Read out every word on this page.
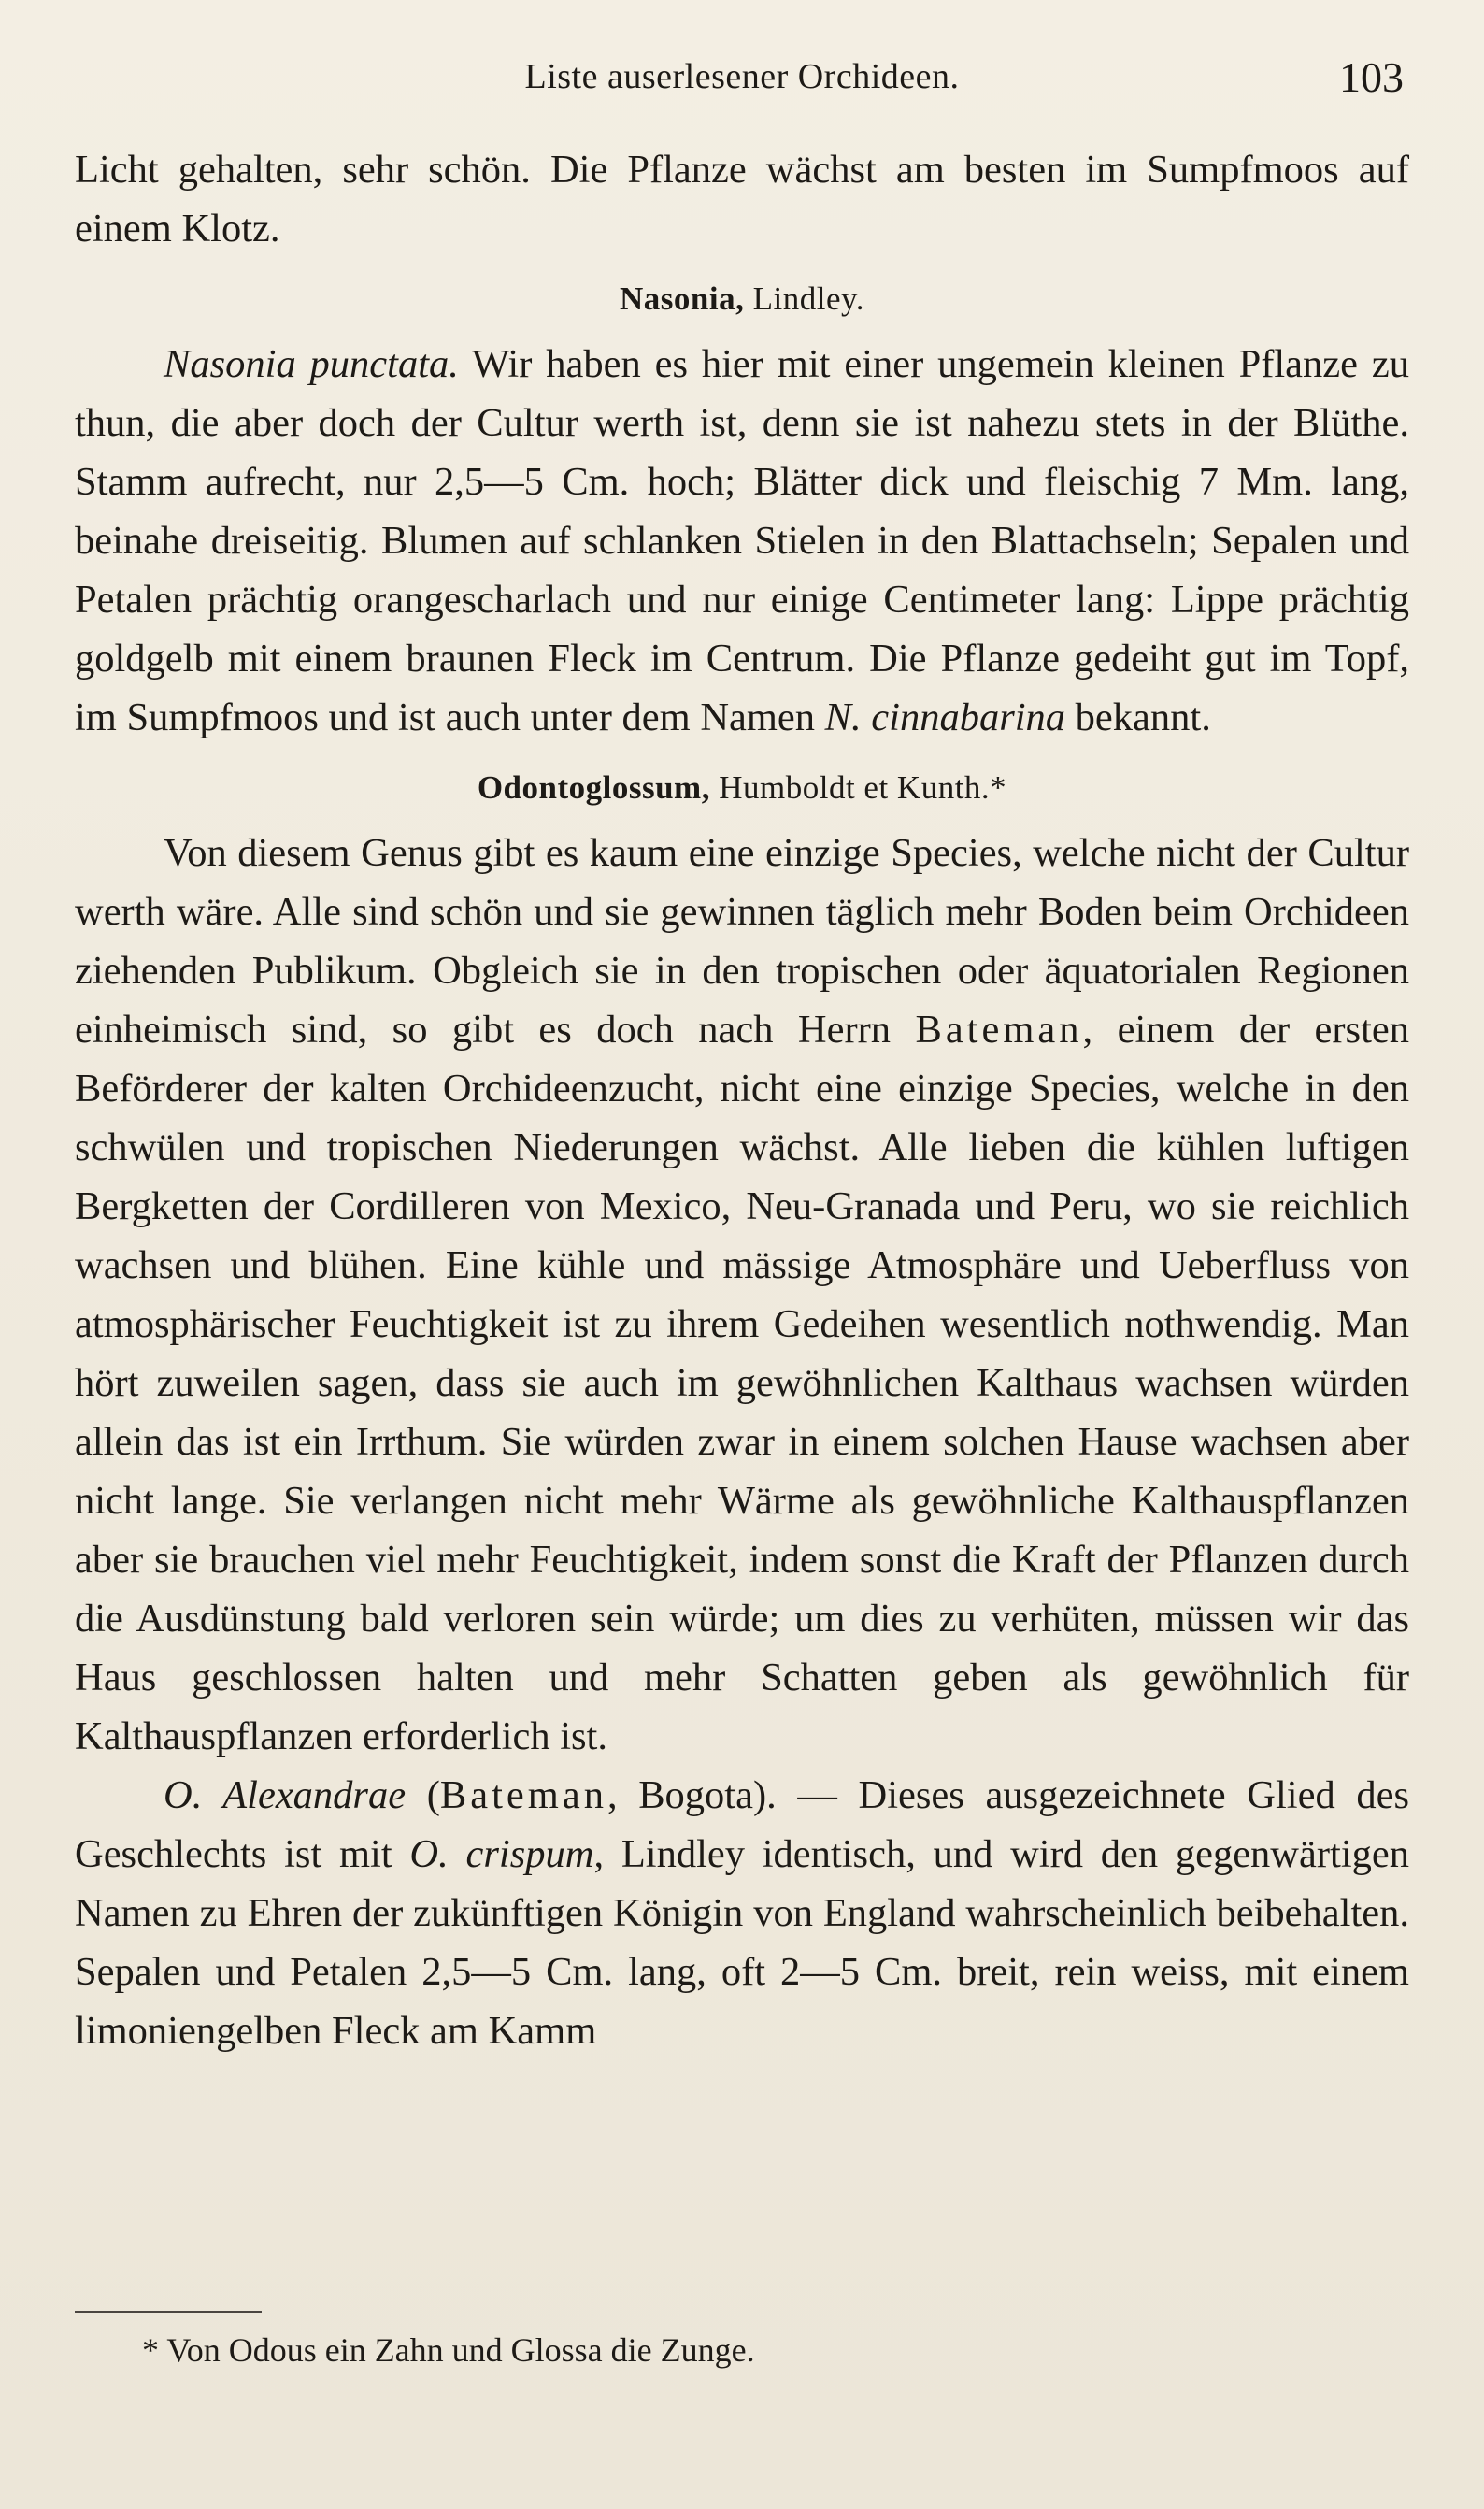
Liste auserlesener Orchideen.	103

Licht gehalten, sehr schön. Die Pflanze wächst am besten im Sumpfmoos auf einem Klotz.

Nasonia, Lindley.

Nasonia punctata. Wir haben es hier mit einer ungemein kleinen Pflanze zu thun, die aber doch der Cultur werth ist, denn sie ist nahezu stets in der Blüthe. Stamm aufrecht, nur 2,5—5 Cm. hoch; Blätter dick und fleischig 7 Mm. lang, beinahe dreiseitig. Blumen auf schlanken Stielen in den Blattachseln; Sepalen und Petalen prächtig orangescharlach und nur einige Centimeter lang: Lippe prächtig goldgelb mit einem braunen Fleck im Centrum. Die Pflanze gedeiht gut im Topf, im Sumpfmoos und ist auch unter dem Namen N. cinnabarina bekannt.

Odontoglossum, Humboldt et Kunth.*

Von diesem Genus gibt es kaum eine einzige Species, welche nicht der Cultur werth wäre. Alle sind schön und sie gewinnen täglich mehr Boden beim Orchideen ziehenden Publikum. Obgleich sie in den tropischen oder äquatorialen Regionen einheimisch sind, so gibt es doch nach Herrn Bateman, einem der ersten Beförderer der kalten Orchideenzucht, nicht eine einzige Species, welche in den schwülen und tropischen Niederungen wächst. Alle lieben die kühlen luftigen Bergketten der Cordilleren von Mexico, Neu-Granada und Peru, wo sie reichlich wachsen und blühen. Eine kühle und mässige Atmosphäre und Ueberfluss von atmosphärischer Feuchtigkeit ist zu ihrem Gedeihen wesentlich nothwendig. Man hört zuweilen sagen, dass sie auch im gewöhnlichen Kalthaus wachsen würden allein das ist ein Irrthum. Sie würden zwar in einem solchen Hause wachsen aber nicht lange. Sie verlangen nicht mehr Wärme als gewöhnliche Kalthauspflanzen aber sie brauchen viel mehr Feuchtigkeit, indem sonst die Kraft der Pflanzen durch die Ausdünstung bald verloren sein würde; um dies zu verhüten, müssen wir das Haus geschlossen halten und mehr Schatten geben als gewöhnlich für Kalthauspflanzen erforderlich ist.

O. Alexandrae (Bateman, Bogota). — Dieses ausgezeichnete Glied des Geschlechts ist mit O. crispum, Lindley identisch, und wird den gegenwärtigen Namen zu Ehren der zukünftigen Königin von England wahrscheinlich beibehalten. Sepalen und Petalen 2,5—5 Cm. lang, oft 2—5 Cm. breit, rein weiss, mit einem limoniengelben Fleck am Kamm

* Von Odous ein Zahn und Glossa die Zunge.
